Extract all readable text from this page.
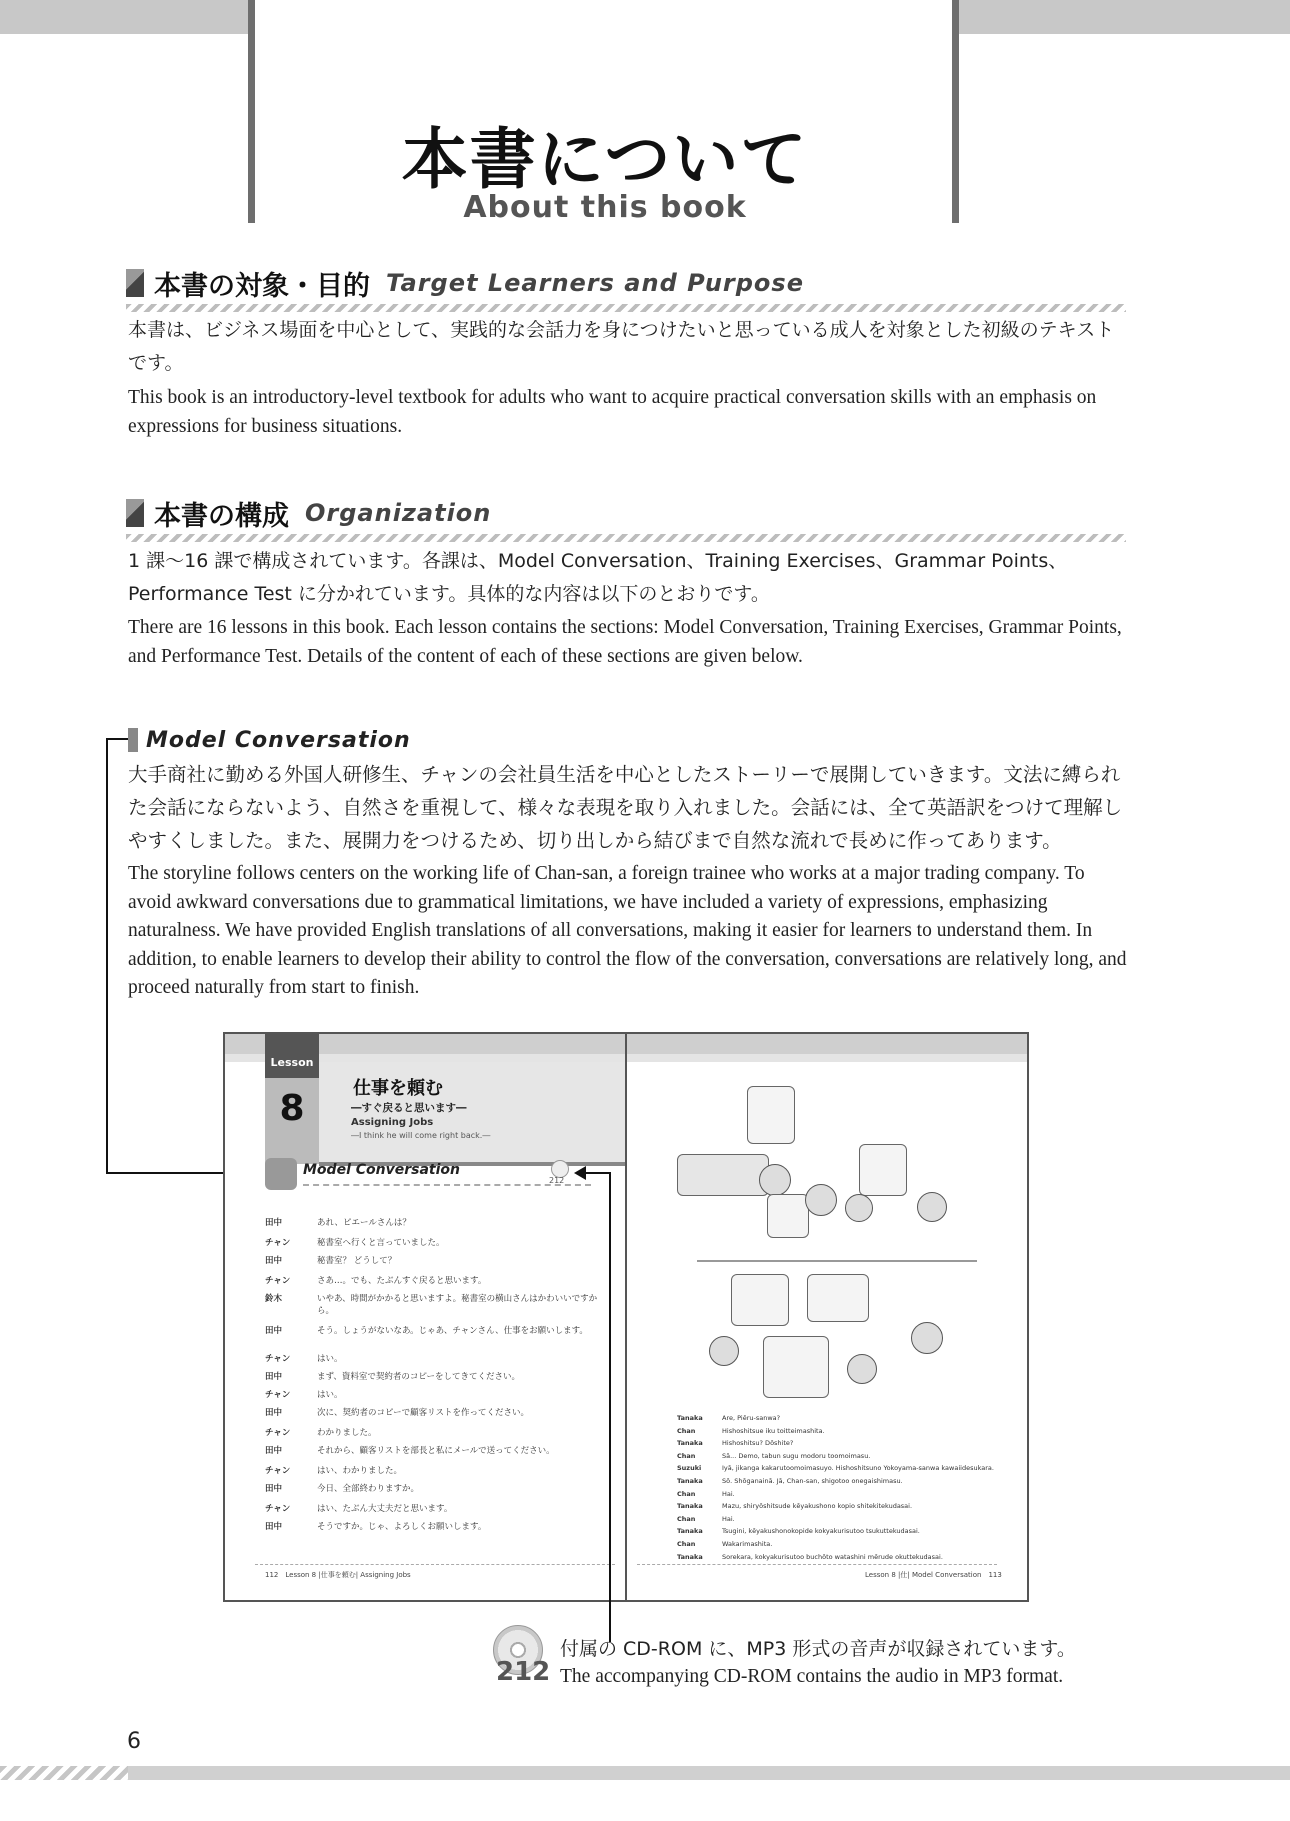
本書について
About this book
本書の対象・目的 Target Learners and Purpose
本書は、ビジネス場面を中心として、実践的な会話力を身につけたいと思っている成人を対象とした初級のテキストです。
This book is an introductory-level textbook for adults who want to acquire practical conversation skills with an emphasis on expressions for business situations.
本書の構成 Organization
1 課〜16 課で構成されています。各課は、Model Conversation、Training Exercises、Grammar Points、Performance Test に分かれています。具体的な内容は以下のとおりです。
There are 16 lessons in this book. Each lesson contains the sections: Model Conversation, Training Exercises, Grammar Points, and Performance Test. Details of the content of each of these sections are given below.
Model Conversation
大手商社に勤める外国人研修生、チャンの会社員生活を中心としたストーリーで展開していきます。文法に縛られた会話にならないよう、自然さを重視して、様々な表現を取り入れました。会話には、全て英語訳をつけて理解しやすくしました。また、展開力をつけるため、切り出しから結びまで自然な流れで長めに作ってあります。
The storyline follows centers on the working life of Chan-san, a foreign trainee who works at a major trading company. To avoid awkward conversations due to grammatical limitations, we have included a variety of expressions, emphasizing naturalness. We have provided English translations of all conversations, making it easier for learners to understand them. In addition, to enable learners to develop their ability to control the flow of the conversation, conversations are relatively long, and proceed naturally from start to finish.
Lesson
8	仕事を頼む
―すぐ戻ると思います―
Assigning Jobs
―I think he will come right back.―
Model Conversation
212
田中	あれ、ピエールさんは？
チャン	秘書室へ行くと言っていました。
田中	秘書室？ どうして？
チャン	さあ…。でも、たぶんすぐ戻ると思います。
鈴木	いやあ、時間がかかると思いますよ。秘書室の横山さんはかわいいですから。
田中	そう。しょうがないなあ。じゃあ、チャンさん、仕事をお願いします。
チャン	はい。
田中	まず、資料室で契約者のコピーをしてきてください。
チャン	はい。
田中	次に、契約者のコピーで顧客リストを作ってください。
チャン	わかりました。
田中	それから、顧客リストを部長と私にメールで送ってください。
チャン	はい、わかりました。
田中	今日、全部終わりますか。
チャン	はい、たぶん大丈夫だと思います。
田中	そうですか。じゃ、よろしくお願いします。
Tanaka	Are, Piēru-sanwa?
Chan	Hishoshitsue iku toitteimashita.
Tanaka	Hishoshitsu? Dōshite?
Chan	Sā... Demo, tabun sugu modoru toomoimasu.
Suzuki	Iyā, jikanga kakarutoomoimasuyo. Hishoshitsuno Yokoyama-sanwa kawaiidesukara.
Tanaka	Sō. Shōganainā. Jā, Chan-san, shigotoo onegaishimasu.
Chan	Hai.
Tanaka	Mazu, shiryōshitsude kēyakushono kopio shitekitekudasai.
Chan	Hai.
Tanaka	Tsugini, kēyakushonokopide kokyakurisutoo tsukuttekudasai.
Chan	Wakarimashita.
Tanaka	Sorekara, kokyakurisutoo buchōto watashini mērude okuttekudasai.
112　Lesson 8 |仕事を頼む| Assigning Jobs	Lesson 8 |仕| Model Conversation　113
212
付属の CD-ROM に、MP3 形式の音声が収録されています。
The accompanying CD-ROM contains the audio in MP3 format.
6
